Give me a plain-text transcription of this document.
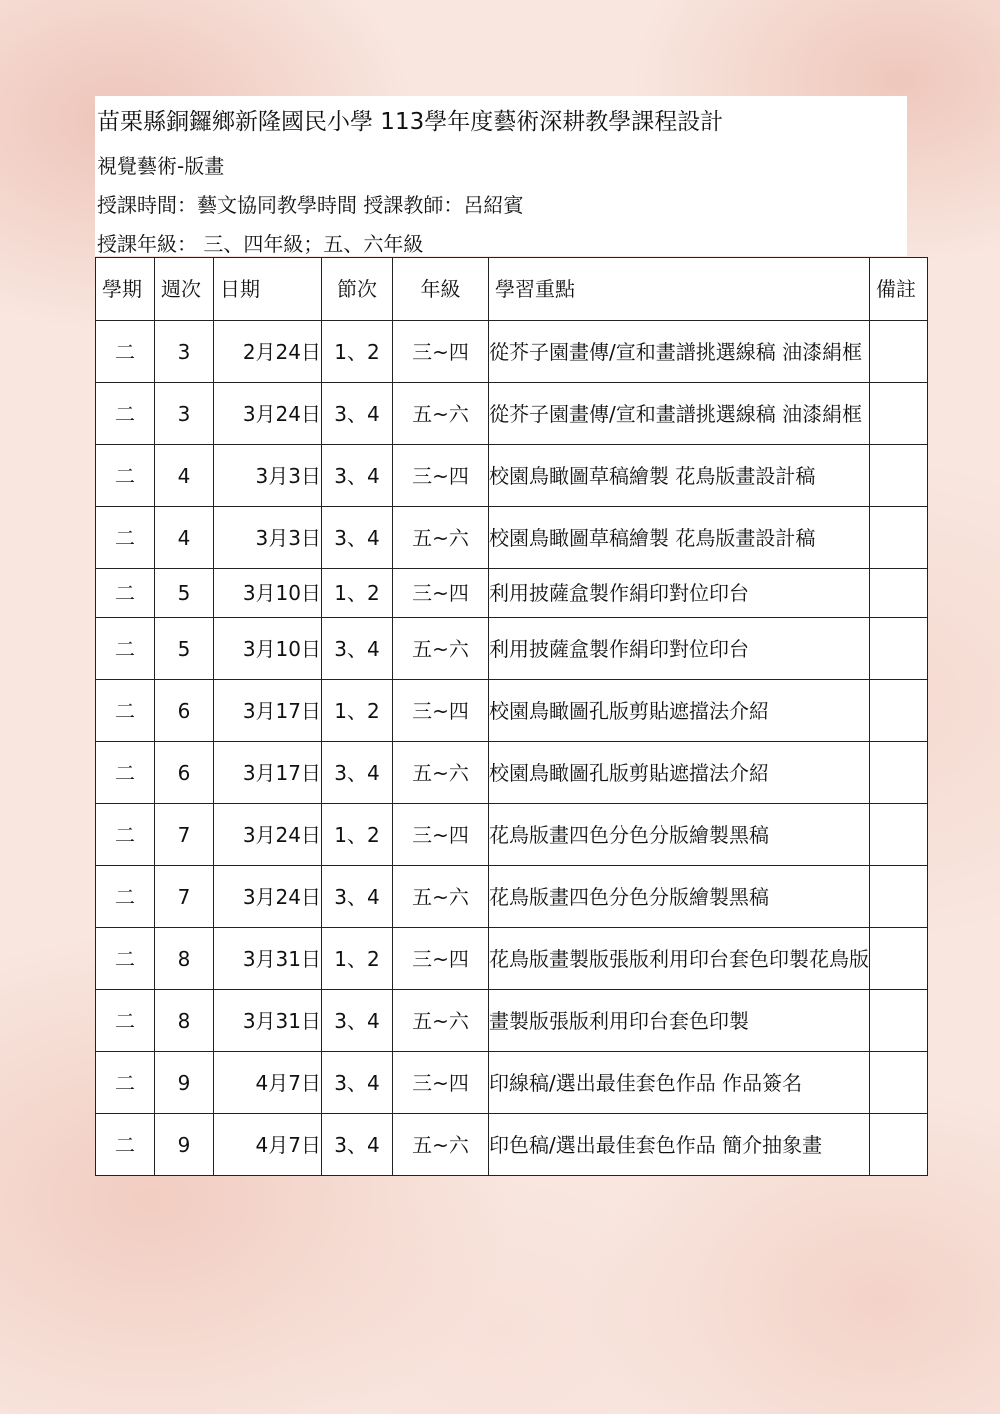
苗栗縣銅鑼鄉新隆國民小學 113學年度藝術深耕教學課程設計
視覺藝術-版畫
授課時間：藝文協同教學時間 授課教師：呂紹賓
授課年級： 三、四年級；五、六年級
學期	週次	日期	節次	年級	學習重點	備註
二	3	2月24日	1、2	三~四	從芥子園畫傳/宣和畫譜挑選線稿 油漆絹框	
二	3	3月24日	3、4	五~六	從芥子園畫傳/宣和畫譜挑選線稿 油漆絹框	
二	4	3月3日	3、4	三~四	校園鳥瞰圖草稿繪製 花鳥版畫設計稿	
二	4	3月3日	3、4	五~六	校園鳥瞰圖草稿繪製 花鳥版畫設計稿	
二	5	3月10日	1、2	三~四	利用披薩盒製作絹印對位印台	
二	5	3月10日	3、4	五~六	利用披薩盒製作絹印對位印台	
二	6	3月17日	1、2	三~四	校園鳥瞰圖孔版剪貼遮擋法介紹	
二	6	3月17日	3、4	五~六	校園鳥瞰圖孔版剪貼遮擋法介紹	
二	7	3月24日	1、2	三~四	花鳥版畫四色分色分版繪製黑稿	
二	7	3月24日	3、4	五~六	花鳥版畫四色分色分版繪製黑稿	
二	8	3月31日	1、2	三~四	花鳥版畫製版張版利用印台套色印製花鳥版	
二	8	3月31日	3、4	五~六	畫製版張版利用印台套色印製	
二	9	4月7日	3、4	三~四	印線稿/選出最佳套色作品 作品簽名	
二	9	4月7日	3、4	五~六	印色稿/選出最佳套色作品 簡介抽象畫	
